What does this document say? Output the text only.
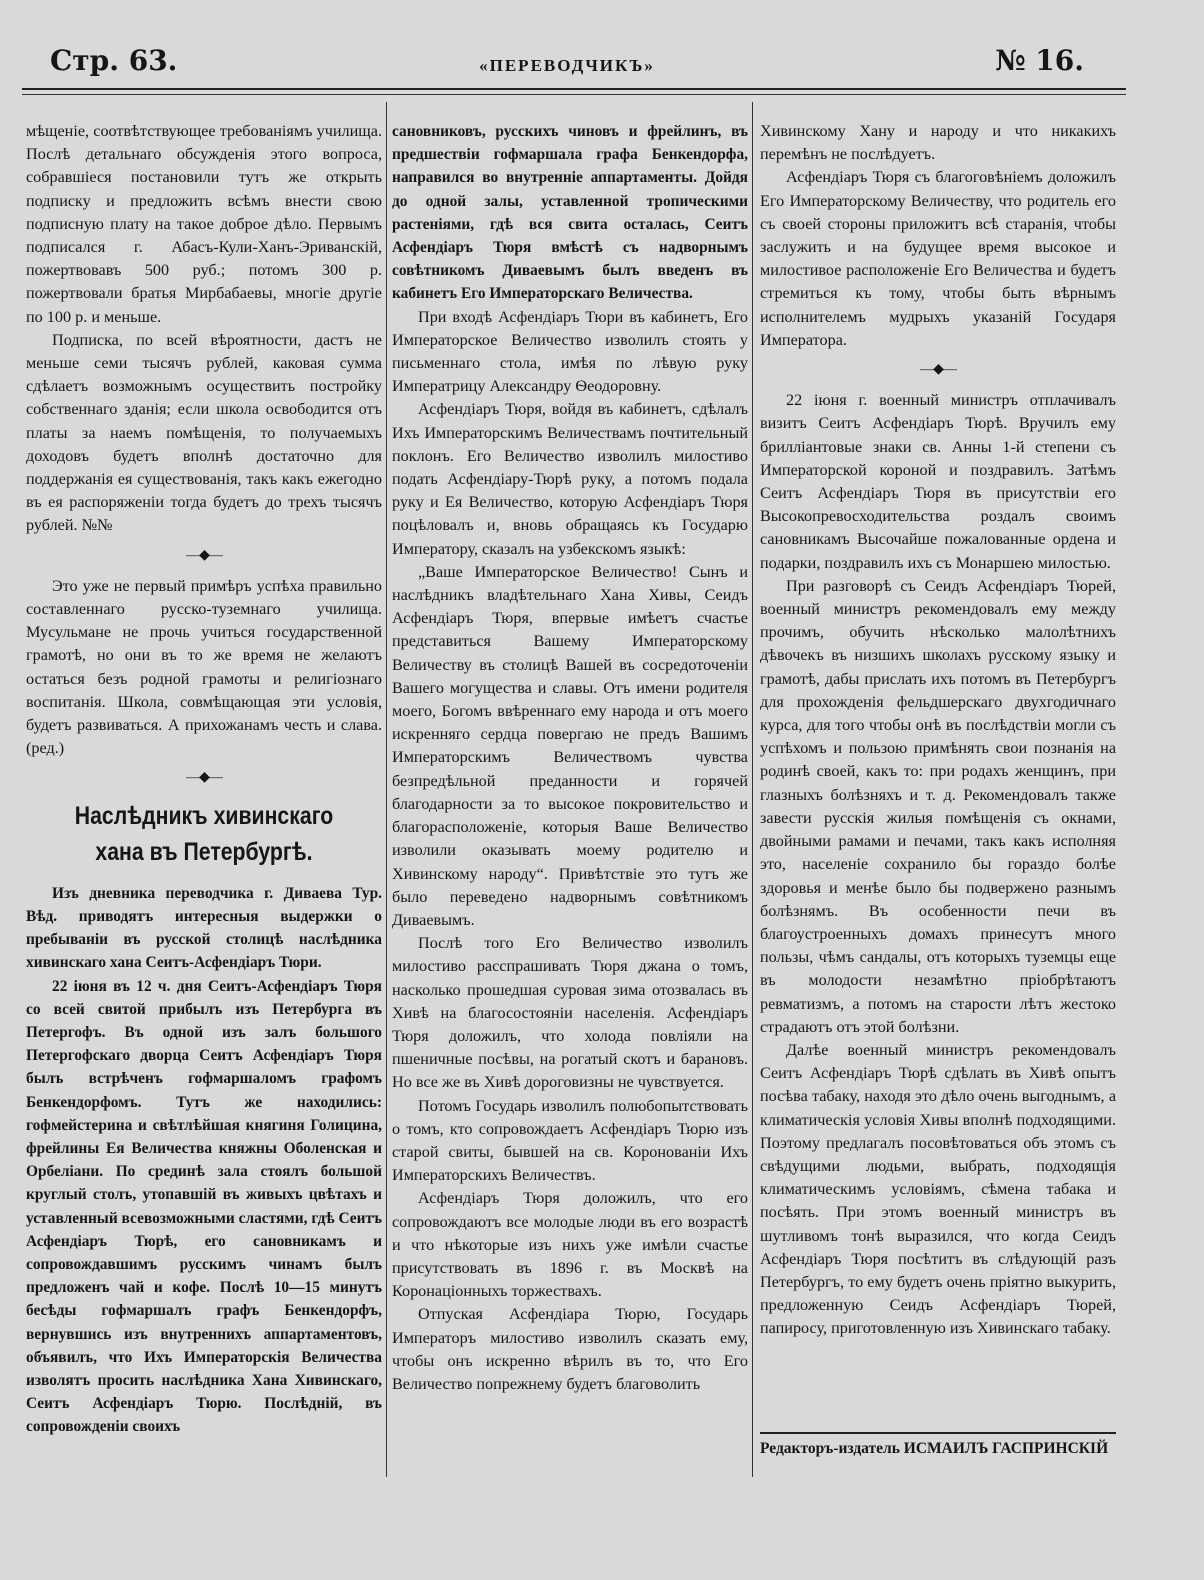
Стр. 63.	«ПЕРЕВОДЧИКЪ»	№ 16.

мѣщеніе, соотвѣтствующее требованіямъ училища. Послѣ детальнаго обсужденія этого вопроса, собравшіеся постановили тутъ же открыть подписку и предложить всѣмъ внести свою подписную плату на такое доброе дѣло. Первымъ подписался г. Абасъ-Кули-Ханъ-Эриванскій, пожертвовавъ 500 руб.; потомъ 300 р. пожертвовали братья Мирбабаевы, многіе другіе по 100 р. и меньше.

Подписка, по всей вѣроятности, дастъ не меньше семи тысячъ рублей, каковая сумма сдѣлаетъ возможнымъ осуществить постройку собственнаго зданія; если школа освободится отъ платы за наемъ помѣщенія, то получаемыхъ доходовъ будетъ вполнѣ достаточно для поддержанія ея существованія, такъ какъ ежегодно въ ея распоряженіи тогда будетъ до трехъ тысячъ рублей. №№

—◆—

Это уже не первый примѣръ успѣха правильно составленнаго русско-туземнаго училища. Мусульмане не прочь учиться государственной грамотѣ, но они въ то же время не желаютъ остаться безъ родной грамоты и религіознаго воспитанія. Школа, совмѣщающая эти условія, будетъ развиваться. А прихожанамъ честь и слава. (ред.)

—◆—
Наслѣдникъ хивинскаго хана въ Петербургѣ.

Изъ дневника переводчика г. Диваева Тур. Вѣд. приводятъ интересныя выдержки о пребываніи въ русской столицѣ наслѣдника хивинскаго хана Сеитъ-Асфендіаръ Тюри.

22 іюня въ 12 ч. дня Сеитъ-Асфендіаръ Тюря со всей свитой прибылъ изъ Петербурга въ Петергофъ. Въ одной изъ залъ большого Петергофскаго дворца Сеитъ Асфендіаръ Тюря былъ встрѣченъ гофмаршаломъ графомъ Бенкендорфомъ. Тутъ же находились: гофмейстерина и свѣтлѣйшая княгиня Голицина, фрейлины Ея Величества княжны Оболенская и Орбеліани. По срединѣ зала стоялъ большой круглый столъ, утопавшій въ живыхъ цвѣтахъ и уставленный всевозможными сластями, гдѣ Сеитъ Асфендіаръ Тюрѣ, его сановникамъ и сопровождавшимъ русскимъ чинамъ былъ предложенъ чай и кофе. Послѣ 10—15 минутъ бесѣды гофмаршалъ графъ Бенкендорфъ, вернувшись изъ внутреннихъ аппартаментовъ, объявилъ, что Ихъ Императорскія Величества изволятъ просить наслѣдника Хана Хивинскаго, Сеитъ Асфендіаръ Тюрю. Послѣдній, въ сопровожденіи своихъ

сановниковъ, русскихъ чиновъ и фрейлинъ, въ предшествіи гофмаршала графа Бенкендорфа, направился во внутренніе аппартаменты. Дойдя до одной залы, уставленной тропическими растеніями, гдѣ вся свита осталась, Сеитъ Асфендіаръ Тюря вмѣстѣ съ надворнымъ совѣтникомъ Диваевымъ былъ введенъ въ кабинетъ Его Императорскаго Величества.

При входѣ Асфендіаръ Тюри въ кабинетъ, Его Императорское Величество изволилъ стоять у письменнаго стола, имѣя по лѣвую руку Императрицу Александру Ѳеодоровну.

Асфендіаръ Тюря, войдя въ кабинетъ, сдѣлалъ Ихъ Императорскимъ Величествамъ почтительный поклонъ. Его Величество изволилъ милостиво подать Асфендіару-Тюрѣ руку, а потомъ подала руку и Ея Величество, которую Асфендіаръ Тюря поцѣловалъ и, вновь обращаясь къ Государю Императору, сказалъ на узбекскомъ языкѣ:

„Ваше Императорское Величество! Сынъ и наслѣдникъ владѣтельнаго Хана Хивы, Сеидъ Асфендіаръ Тюря, впервые имѣетъ счастье представиться Вашему Императорскому Величеству въ столицѣ Вашей въ сосредоточеніи Вашего могущества и славы. Отъ имени родителя моего, Богомъ ввѣреннаго ему народа и отъ моего искренняго сердца повергаю не предъ Вашимъ Императорскимъ Величествомъ чувства безпредѣльной преданности и горячей благодарности за то высокое покровительство и благорасположеніе, которыя Ваше Величество изволили оказывать моему родителю и Хивинскому народу“. Привѣтствіе это тутъ же было переведено надворнымъ совѣтникомъ Диваевымъ.

Послѣ того Его Величество изволилъ милостиво расспрашивать Тюря джана о томъ, насколько прошедшая суровая зима отозвалась въ Хивѣ на благосостояніи населенія. Асфендіаръ Тюря доложилъ, что холода повліяли на пшеничные посѣвы, на рогатый скотъ и барановъ. Но все же въ Хивѣ дороговизны не чувствуется.

Потомъ Государь изволилъ полюбопытствовать о томъ, кто сопровождаетъ Асфендіаръ Тюрю изъ старой свиты, бывшей на св. Коронованіи Ихъ Императорскихъ Величествъ.

Асфендіаръ Тюря доложилъ, что его сопровождаютъ все молодые люди въ его возрастѣ и что нѣкоторые изъ нихъ уже имѣли счастье присутствовать въ 1896 г. въ Москвѣ на Коронаціонныхъ торжествахъ.

Отпуская Асфендіара Тюрю, Государь Императоръ милостиво изволилъ сказать ему, чтобы онъ искренно вѣрилъ въ то, что Его Величество попрежнему будетъ благоволить

Хивинскому Хану и народу и что никакихъ перемѣнъ не послѣдуетъ.

Асфендіаръ Тюря съ благоговѣніемъ доложилъ Его Императорскому Величеству, что родитель его съ своей стороны приложитъ всѣ старанія, чтобы заслужить и на будущее время высокое и милостивое расположеніе Его Величества и будетъ стремиться къ тому, чтобы быть вѣрнымъ исполнителемъ мудрыхъ указаній Государя Императора.

—◆—

22 іюня г. военный министръ отплачивалъ визитъ Сеитъ Асфендіаръ Тюрѣ. Вручилъ ему бриллiантовые знаки св. Анны 1-й степени съ Императорской короной и поздравилъ. Затѣмъ Сеитъ Асфендіаръ Тюря въ присутствіи его Высокопревосходительства роздалъ своимъ сановникамъ Высочайше пожалованные ордена и подарки, поздравилъ ихъ съ Монаршею милостью.

При разговорѣ съ Сеидъ Асфендіаръ Тюрей, военный министръ рекомендовалъ ему между прочимъ, обучить нѣсколько малолѣтнихъ дѣвочекъ въ низшихъ школахъ русскому языку и грамотѣ, дабы прислать ихъ потомъ въ Петербургъ для прохожденія фельдшерскаго двухгодичнаго курса, для того чтобы онѣ въ послѣдствіи могли съ успѣхомъ и пользою примѣнять свои познанія на родинѣ своей, какъ то: при родахъ женщинъ, при глазныхъ болѣзняхъ и т. д. Рекомендовалъ также завести русскія жилыя помѣщенія съ окнами, двойными рамами и печами, такъ какъ исполняя это, населеніе сохранило бы гораздо болѣе здоровья и менѣе было бы подвержено разнымъ болѣзнямъ. Въ особенности печи въ благоустроенныхъ домахъ принесутъ много пользы, чѣмъ сандалы, отъ которыхъ туземцы еще въ молодости незамѣтно пріобрѣтаютъ ревматизмъ, а потомъ на старости лѣтъ жестоко страдаютъ отъ этой болѣзни.

Далѣе военный министръ рекомендовалъ Сеитъ Асфендіаръ Тюрѣ сдѣлать въ Хивѣ опытъ посѣва табаку, находя это дѣло очень выгоднымъ, а климатическія условія Хивы вполнѣ подходящими. Поэтому предлагалъ посовѣтоваться объ этомъ съ свѣдущими людьми, выбрать, подходящія климатическимъ условіямъ, сѣмена табака и посѣять. При этомъ военный министръ въ шутливомъ тонѣ выразился, что когда Сеидъ Асфендіаръ Тюря посѣтитъ въ слѣдующій разъ Петербургъ, то ему будетъ очень пріятно выкурить, предложенную Сеидъ Асфендіаръ Тюрей, папиросу, приготовленную изъ Хивинскаго табаку.

Редакторъ-издатель ИСМАИЛЪ ГАСПРИНСКІЙ
